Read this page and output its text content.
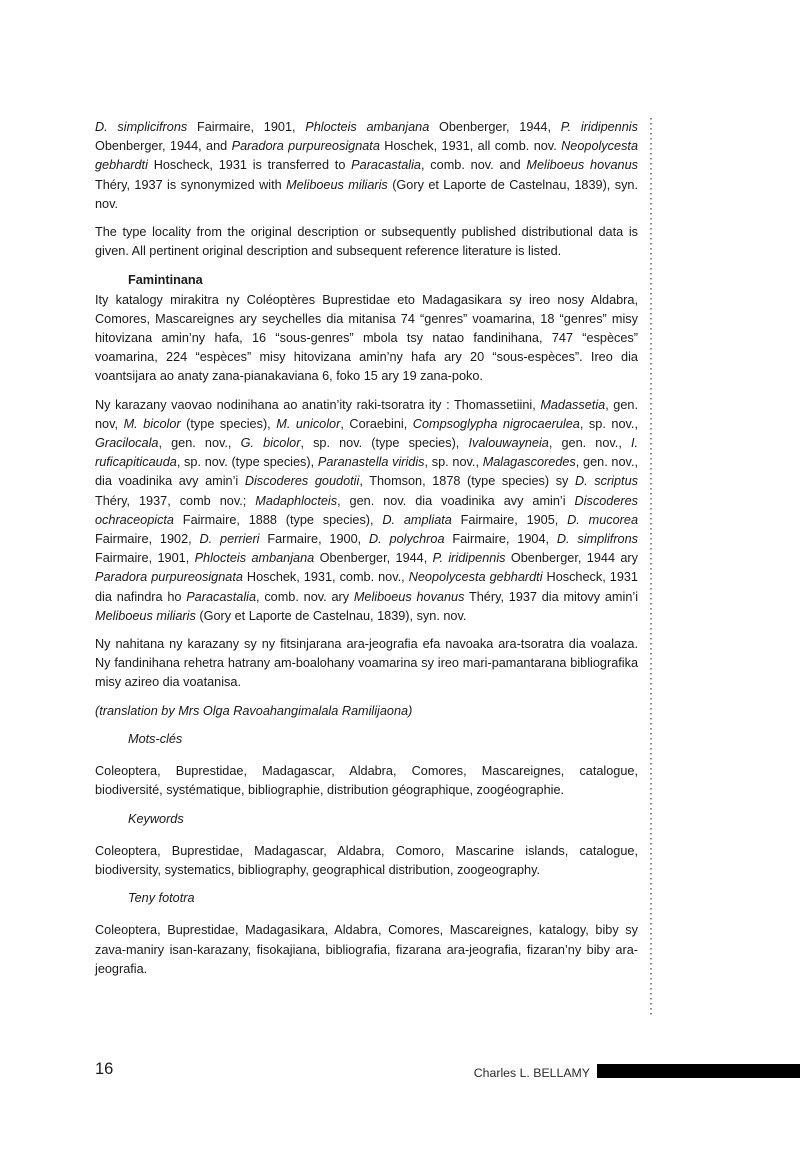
D. simplicifrons Fairmaire, 1901, Phlocteis ambanjana Obenberger, 1944, P. iridipennis Obenberger, 1944, and Paradora purpureosignata Hoschek, 1931, all comb. nov. Neopolycesta gebhardti Hoscheck, 1931 is transferred to Paracastalia, comb. nov. and Meliboeus hovanus Théry, 1937 is synonymized with Meliboeus miliaris (Gory et Laporte de Castelnau, 1839), syn. nov.

The type locality from the original description or subsequently published distributional data is given. All pertinent original description and subsequent reference literature is listed.

Famintinana

Ity katalogy mirakitra ny Coléoptères Buprestidae eto Madagasikara sy ireo nosy Aldabra, Comores, Mascareignes ary seychelles dia mitanisa 74 “genres” voamarina, 18 “genres” misy hitovizana amin’ny hafa, 16 “sous-genres” mbola tsy natao fandinihana, 747 “espèces” voamarina, 224 “espèces” misy hitovizana amin’ny hafa ary 20 “sous-espèces”. Ireo dia voantsijara ao anaty zana-pianakaviana 6, foko 15 ary 19 zana-poko.

Ny karazany vaovao nodinihana ao anatin’ity raki-tsoratra ity : Thomassetiini, Madassetia, gen. nov, M. bicolor (type species), M. unicolor, Coraebini, Compsoglypha nigrocaerulea, sp. nov., Gracilocala, gen. nov., G. bicolor, sp. nov. (type species), Ivalouwayneia, gen. nov., I. ruficapiticauda, sp. nov. (type species), Paranastella viridis, sp. nov., Malagascoredes, gen. nov., dia voadinika avy amin’i Discoderes goudotii, Thomson, 1878 (type species) sy D. scriptus Théry, 1937, comb nov.; Madaphlocteis, gen. nov. dia voadinika avy amin’i Discoderes ochraceopicta Fairmaire, 1888 (type species), D. ampliata Fairmaire, 1905, D. mucorea Fairmaire, 1902, D. perrieri Farmaire, 1900, D. polychroa Fairmaire, 1904, D. simplifrons Fairmaire, 1901, Phlocteis ambanjana Obenberger, 1944, P. iridipennis Obenberger, 1944 ary Paradora purpureosignata Hoschek, 1931, comb. nov., Neopolycesta gebhardti Hoscheck, 1931 dia nafindra ho Paracastalia, comb. nov. ary Meliboeus hovanus Théry, 1937 dia mitovy amin’i Meliboeus miliaris (Gory et Laporte de Castelnau, 1839), syn. nov.

Ny nahitana ny karazany sy ny fitsinjarana ara-jeografia efa navoaka ara-tsoratra dia voalaza. Ny fandinihana rehetra hatrany am-boalohany voamarina sy ireo mari-pamantarana bibliografika misy azireo dia voatanisa.

(translation by Mrs Olga Ravoahangimalala Ramilijaona)

Mots-clés

Coleoptera, Buprestidae, Madagascar, Aldabra, Comores, Mascareignes, catalogue, biodiversité, systématique, bibliographie, distribution géographique, zoogéographie.

Keywords

Coleoptera, Buprestidae, Madagascar, Aldabra, Comoro, Mascarine islands, catalogue, biodiversity, systematics, bibliography, geographical distribution, zoogeography.

Teny fototra

Coleoptera, Buprestidae, Madagasikara, Aldabra, Comores, Mascareignes, katalogy, biby sy zava-maniry isan-karazany, fisokajiana, bibliografia, fizarana ara-jeografia, fizaran’ny biby ara-jeografia.

16	Charles L. BELLAMY
